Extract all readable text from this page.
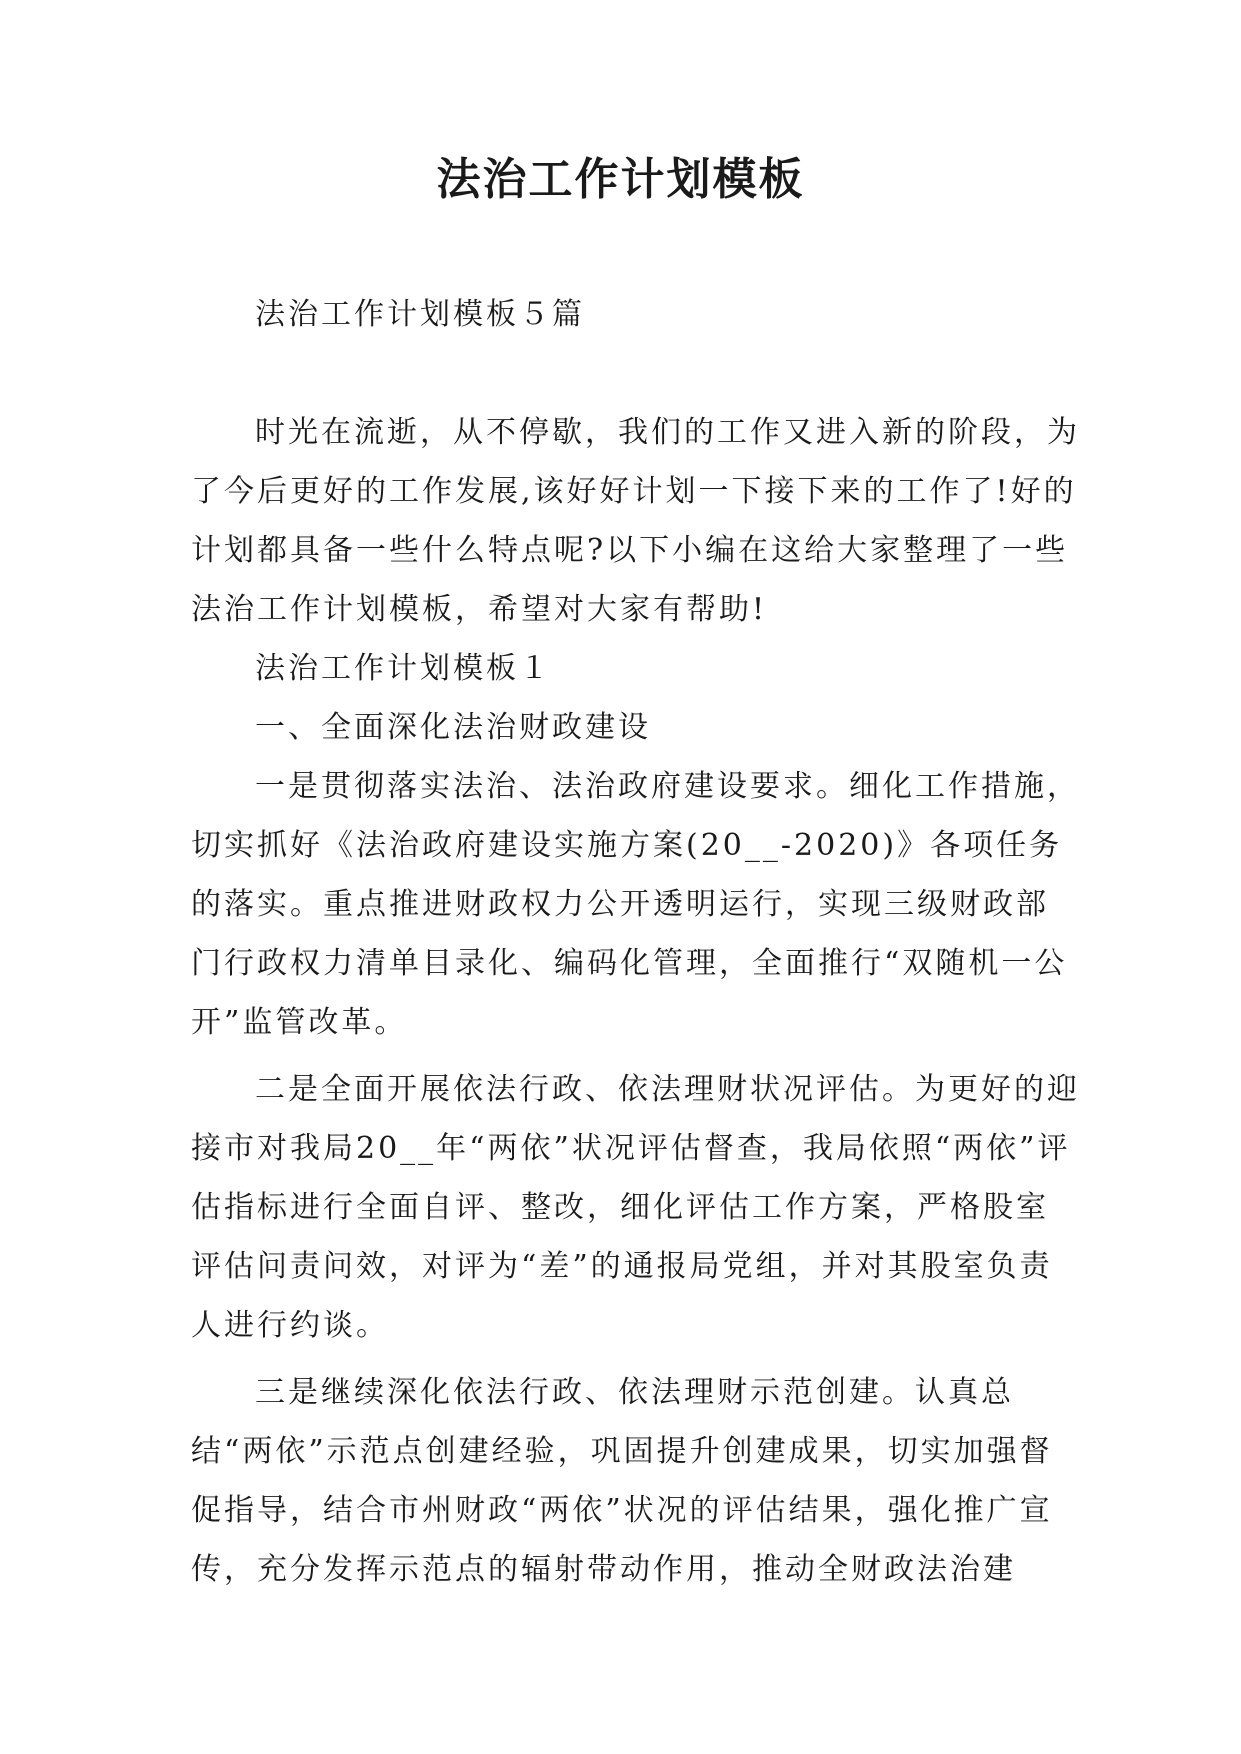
法治工作计划模板

法治工作计划模板５篇

时光在流逝，从不停歇，我们的工作又进入新的阶段，为了今后更好的工作发展,该好好计划一下接下来的工作了!好的计划都具备一些什么特点呢?以下小编在这给大家整理了一些法治工作计划模板，希望对大家有帮助!

法治工作计划模板１

一、全面深化法治财政建设

一是贯彻落实法治、法治政府建设要求。细化工作措施，切实抓好《法治政府建设实施方案(20__-2020)》各项任务的落实。重点推进财政权力公开透明运行，实现三级财政部门行政权力清单目录化、编码化管理，全面推行“双随机一公开”监管改革。

二是全面开展依法行政、依法理财状况评估。为更好的迎接市对我局20__年“两依”状况评估督查，我局依照“两依”评估指标进行全面自评、整改，细化评估工作方案，严格股室评估问责问效，对评为“差”的通报局党组，并对其股室负责人进行约谈。

三是继续深化依法行政、依法理财示范创建。认真总结“两依”示范点创建经验，巩固提升创建成果，切实加强督促指导，结合市州财政“两依”状况的评估结果，强化推广宣传，充分发挥示范点的辐射带动作用，推动全财政法治建
